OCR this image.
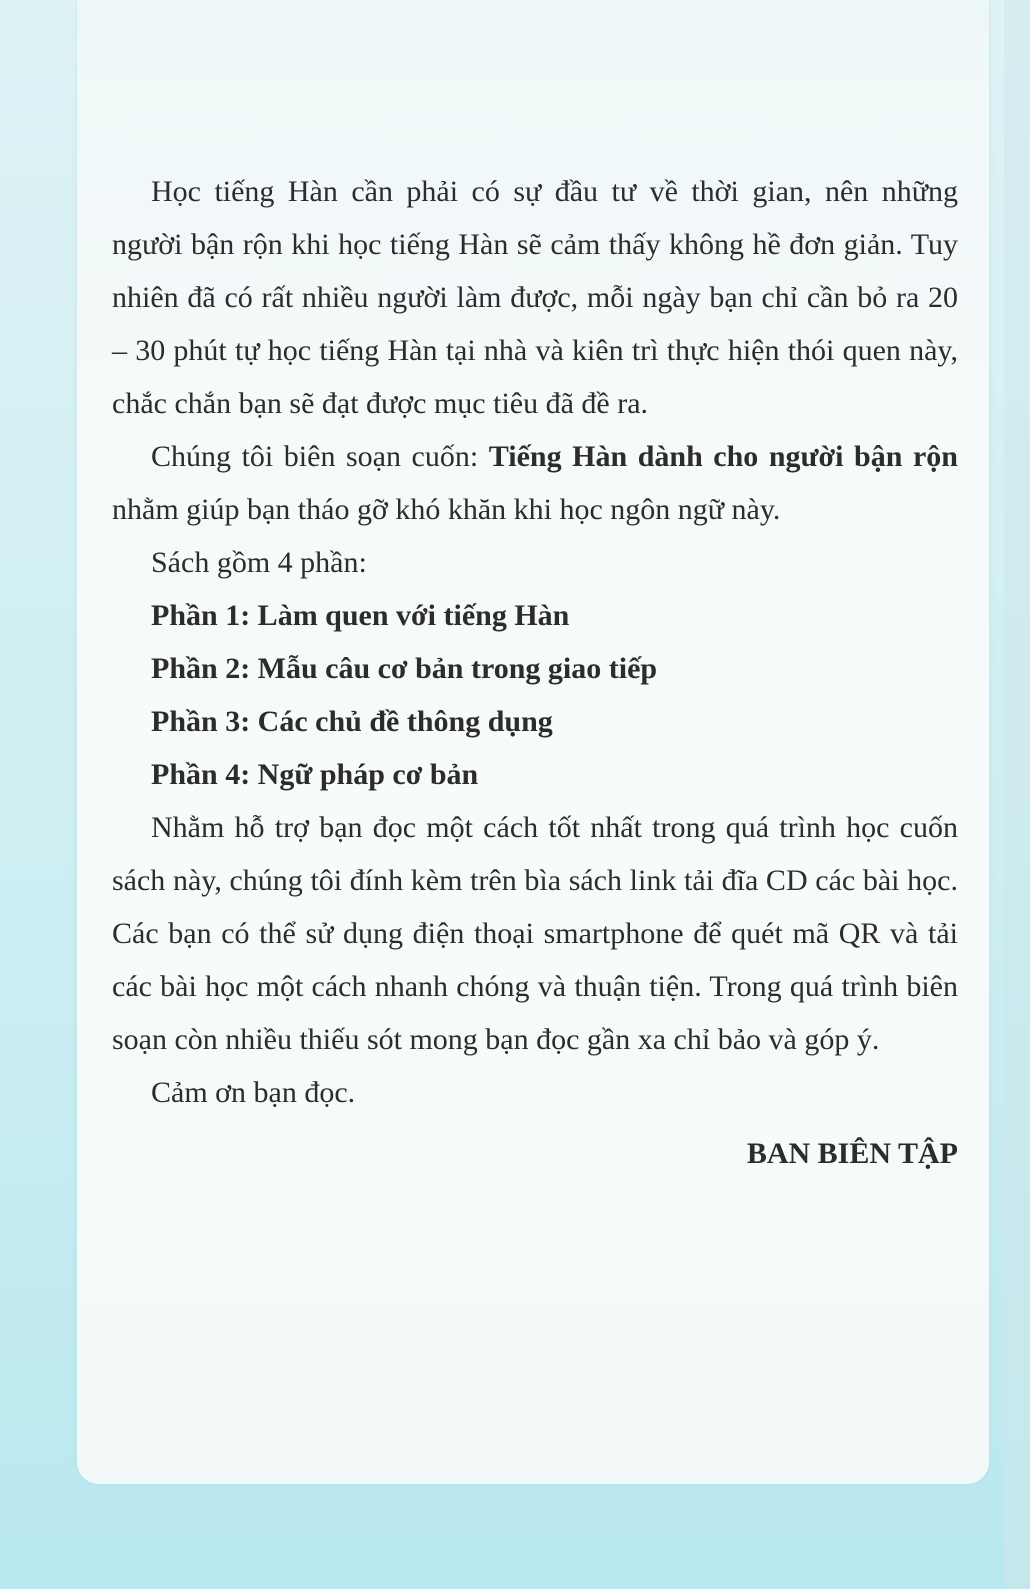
Học tiếng Hàn cần phải có sự đầu tư về thời gian, nên những người bận rộn khi học tiếng Hàn sẽ cảm thấy không hề đơn giản. Tuy nhiên đã có rất nhiều người làm được, mỗi ngày bạn chỉ cần bỏ ra 20 – 30 phút tự học tiếng Hàn tại nhà và kiên trì thực hiện thói quen này, chắc chắn bạn sẽ đạt được mục tiêu đã đề ra.

Chúng tôi biên soạn cuốn: Tiếng Hàn dành cho người bận rộn nhằm giúp bạn tháo gỡ khó khăn khi học ngôn ngữ này.

Sách gồm 4 phần:

Phần 1: Làm quen với tiếng Hàn

Phần 2: Mẫu câu cơ bản trong giao tiếp

Phần 3: Các chủ đề thông dụng

Phần 4: Ngữ pháp cơ bản

Nhằm hỗ trợ bạn đọc một cách tốt nhất trong quá trình học cuốn sách này, chúng tôi đính kèm trên bìa sách link tải đĩa CD các bài học. Các bạn có thể sử dụng điện thoại smartphone để quét mã QR và tải các bài học một cách nhanh chóng và thuận tiện. Trong quá trình biên soạn còn nhiều thiếu sót mong bạn đọc gần xa chỉ bảo và góp ý.

Cảm ơn bạn đọc.

BAN BIÊN TẬP
